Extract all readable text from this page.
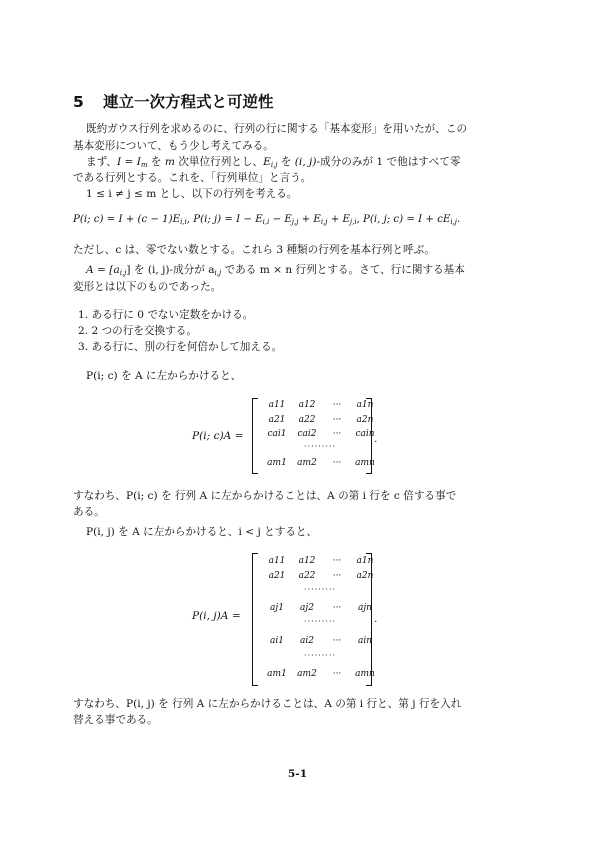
5 連立一次方程式と可逆性
既約ガウス行列を求めるのに、行列の行に関する「基本変形」を用いたが、この
基本変形について、もう少し考えてみる。
まず、$I = I_m$ を m 次単位行列とし、$E_{i,j}$ を (i, j)-成分のみが 1 で他はすべて零
である行列とする。これを、「行列単位」と言う。
1 ≤ i ≠ j ≤ m とし、以下の行列を考える。
P(i; $c) = I + (c - 1)E_{i,i}$, P(i; $j) = I - E_{i,i} - E_{j,j} + E_{i,j} + E_{j,i}$, P(i, j; $c) = I + cE_{i,j}$.
ただし、c は、零でない数とする。これら 3 種類の行列を基本行列と呼ぶ。
$A = [a_{i,j}]$ を (i, j)-成分が $a_{i,j}$ である m × n 行列とする。さて、行に関する基本
変形とは以下のものであった。
1. ある行に 0 でない定数をかける。
2. 2 つの行を交換する。
3. ある行に、別の行を何倍かして加える。
P(i; c) を A に左からかけると、
P(i; c)A =
a11	a12	···	a1n
a21	a22	···	a2n
cai1	cai2	···	cain
·········
am1	am2	···	amn
.
すなわち、P(i; c) を 行列 A に左からかけることは、A の第 i 行を c 倍する事で
ある。
P(i, j) を A に左からかけると、i < j とすると、
P(i, j)A =
a11	a12	···	a1n
a21	a22	···	a2n
·········
aj1	aj2	···	ajn
·········
ai1	ai2	···	ain
·········
am1	am2	···	amn
.
すなわち、P(i, j) を 行列 A に左からかけることは、A の第 i 行と、第 j 行を入れ
替える事である。
5-1
